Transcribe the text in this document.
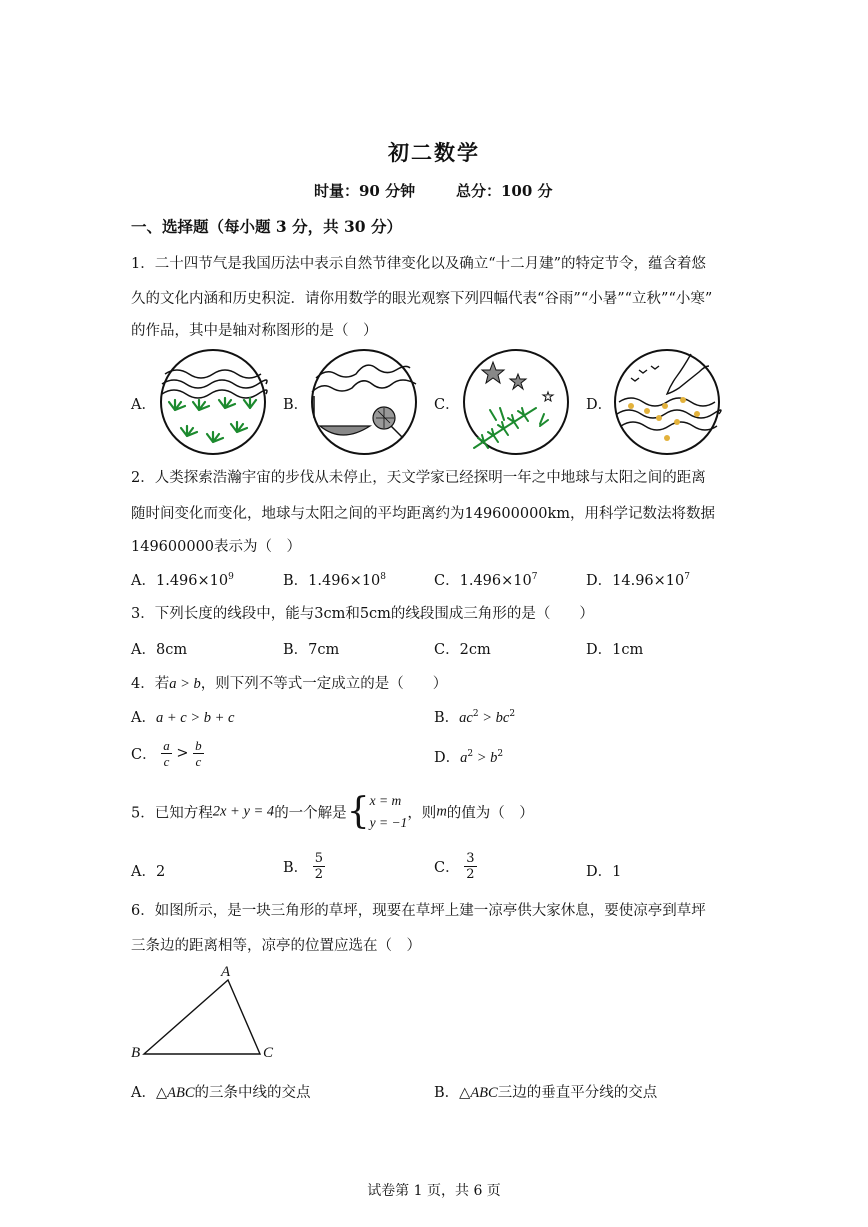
初二数学
时量：90 分钟	总分：100 分
一、选择题（每小题 3 分，共 30 分）
1．二十四节气是我国历法中表示自然节律变化以及确立“十二月建”的特定节令，蕴含着悠
久的文化内涵和历史积淀．请你用数学的眼光观察下列四幅代表“谷雨”“小暑”“立秋”“小寒”
的作品，其中是轴对称图形的是（　）
A．	B．	C．	D．
2．人类探索浩瀚宇宙的步伐从未停止，天文学家已经探明一年之中地球与太阳之间的距离
随时间变化而变化，地球与太阳之间的平均距离约为149600000km，用科学记数法将数据
149600000表示为（　）
A．$1.496\times 10^9$	B．$1.496\times 10^8$	C．$1.496\times 10^7$	D．$14.96\times 10^7$
3．下列长度的线段中，能与3cm和5cm的线段围成三角形的是（　　）
A．8cm	B．7cm	C．2cm	D．1cm
4．若a > b，则下列不等式一定成立的是（　　）
A．a + c > b + c	B．$ac^2 > bc^2$
C． $\frac{a}{c} > \frac{b}{c}$	D．$a^2 > b^2$
5．已知方程2x + y = 4的一个解是{ x = m
y = −1
，则m的值为（　）
A．2	B． $\frac{5}{2}$	C． $\frac{3}{2}$	D．1
6．如图所示，是一块三角形的草坪，现要在草坪上建一凉亭供大家休息，要使凉亭到草坪
三条边的距离相等，凉亭的位置应选在（　）
A
B	C
A．△ABC的三条中线的交点	B．△ABC三边的垂直平分线的交点
试卷第 1 页，共 6 页
